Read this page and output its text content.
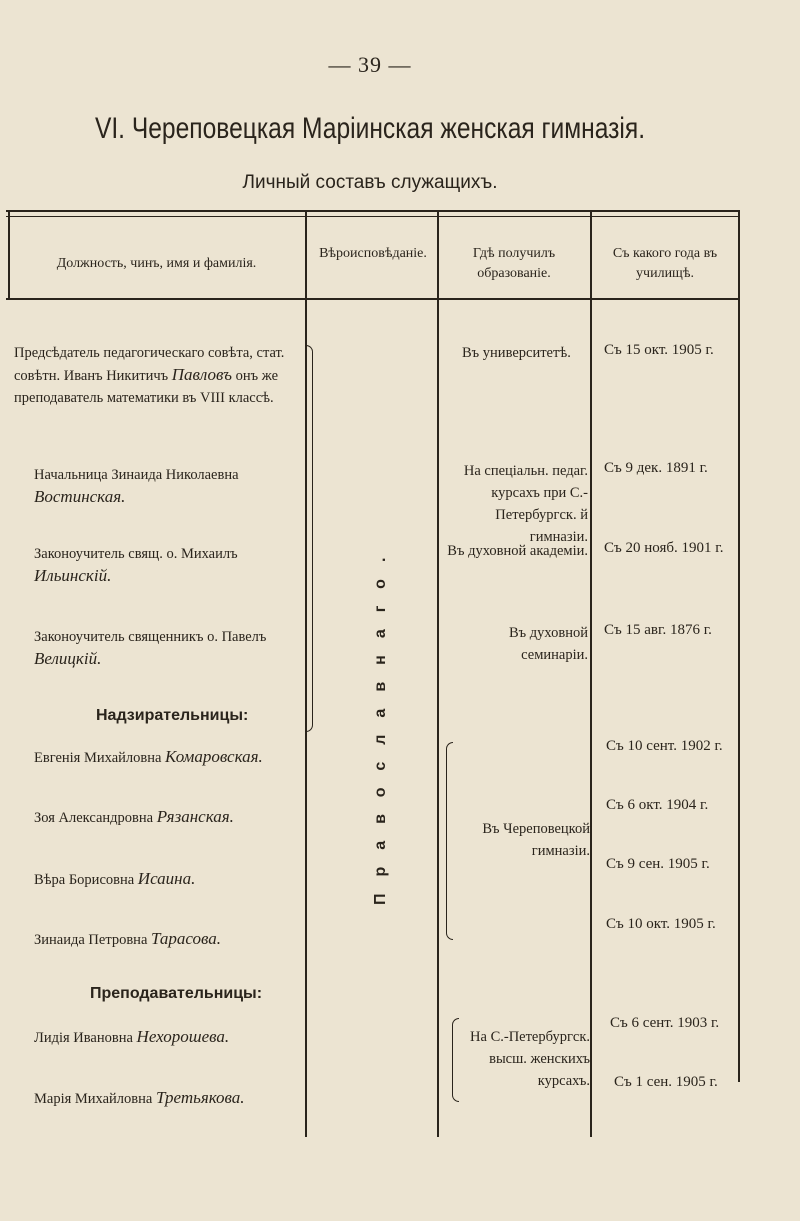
— 39 —
VI. Череповецкая Маріинская женская гимназія.
Личный составъ служащихъ.
Должность, чинъ, имя и фамилія.
Вѣроисповѣданіе.	Гдѣ получилъ образованіе.
Съ какого года въ училищѣ.
Православнаго.
Предсѣдатель педагогическаго совѣта, стат. совѣтн. Иванъ Никитичъ Павловъ онъ же преподаватель математики въ VIII классѣ.
Въ университетѣ.	Съ 15 окт. 1905 г.
Начальница Зинаида Николаевна Востинская.
На спеціальн. педаг. курсахъ при С.-Петербургск. й гимназіи.
Съ 9 дек. 1891 г.
Законоучитель свящ. о. Михаилъ Ильинскій.
Въ духовной академіи. Съ 20 нояб. 1901 г.
Законоучитель священникъ о. Павелъ Велицкій.
Въ духовной семинаріи.
Съ 15 авг. 1876 г.
Надзирательницы:
Евгенія Михайловна Комаровская.
Зоя Александровна Рязанская.
Вѣра Борисовна Исаина.
Зинаида Петровна Тарасова.
Въ Череповецкой гимназіи.
Съ 10 сент. 1902 г.
Съ 6 окт. 1904 г.
Съ 9 сен. 1905 г.
Съ 10 окт. 1905 г.
Преподавательницы:
Лидія Ивановна Нехорошева.
Марія Михайловна Третьякова.
На С.-Петербургск. высш. женскихъ курсахъ.
Съ 6 сент. 1903 г.
Съ 1 сен. 1905 г.
